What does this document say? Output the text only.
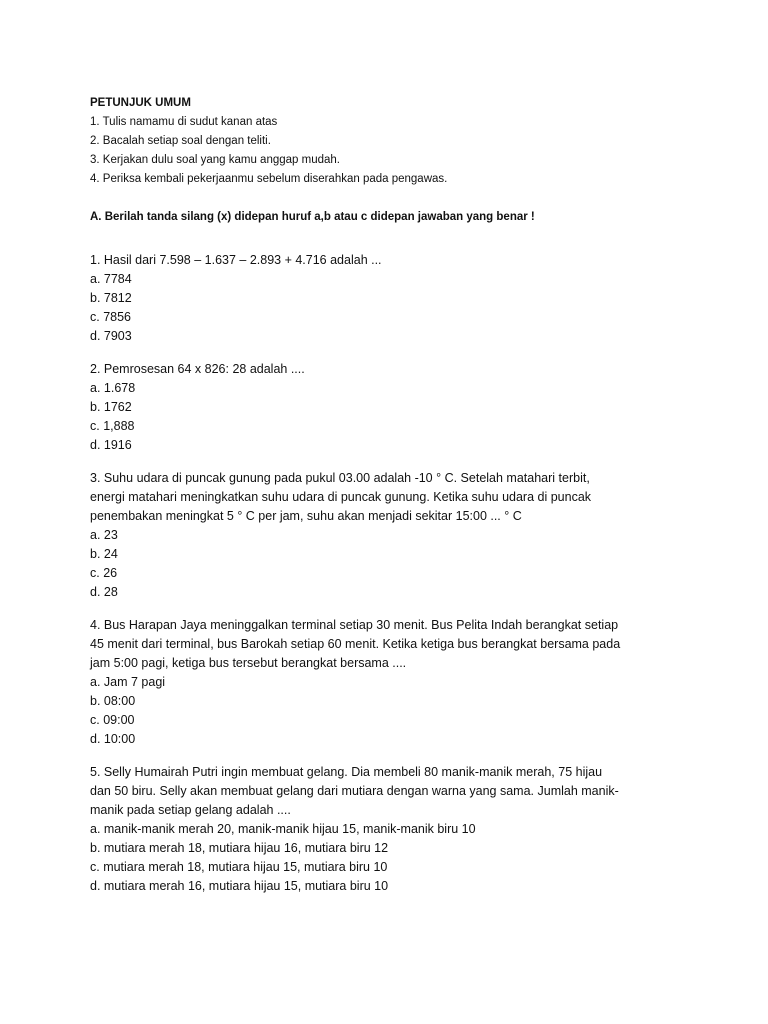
PETUNJUK UMUM
1. Tulis namamu di sudut kanan atas
2. Bacalah setiap soal dengan teliti.
3. Kerjakan dulu soal yang kamu anggap mudah.
4. Periksa kembali pekerjaanmu sebelum diserahkan pada pengawas.
A. Berilah tanda silang (x) didepan huruf a,b atau c didepan jawaban yang benar !
1. Hasil dari 7.598 – 1.637 – 2.893 + 4.716 adalah ...
a. 7784
b. 7812
c. 7856
d. 7903
2. Pemrosesan 64 x 826: 28 adalah ....
a. 1.678
b. 1762
c. 1,888
d. 1916
3. Suhu udara di puncak gunung pada pukul 03.00 adalah -10 ° C. Setelah matahari terbit,
energi matahari meningkatkan suhu udara di puncak gunung. Ketika suhu udara di puncak
penembakan meningkat 5 ° C per jam, suhu akan menjadi sekitar 15:00 ... ° C
a. 23
b. 24
c. 26
d. 28
4. Bus Harapan Jaya meninggalkan terminal setiap 30 menit. Bus Pelita Indah berangkat setiap
45 menit dari terminal, bus Barokah setiap 60 menit. Ketika ketiga bus berangkat bersama pada
jam 5:00 pagi, ketiga bus tersebut berangkat bersama ....
a. Jam 7 pagi
b. 08:00
c. 09:00
d. 10:00
5. Selly Humairah Putri ingin membuat gelang. Dia membeli 80 manik-manik merah, 75 hijau
dan 50 biru. Selly akan membuat gelang dari mutiara dengan warna yang sama. Jumlah manik-
manik pada setiap gelang adalah ....
a. manik-manik merah 20, manik-manik hijau 15, manik-manik biru 10
b. mutiara merah 18, mutiara hijau 16, mutiara biru 12
c. mutiara merah 18, mutiara hijau 15, mutiara biru 10
d. mutiara merah 16, mutiara hijau 15, mutiara biru 10
